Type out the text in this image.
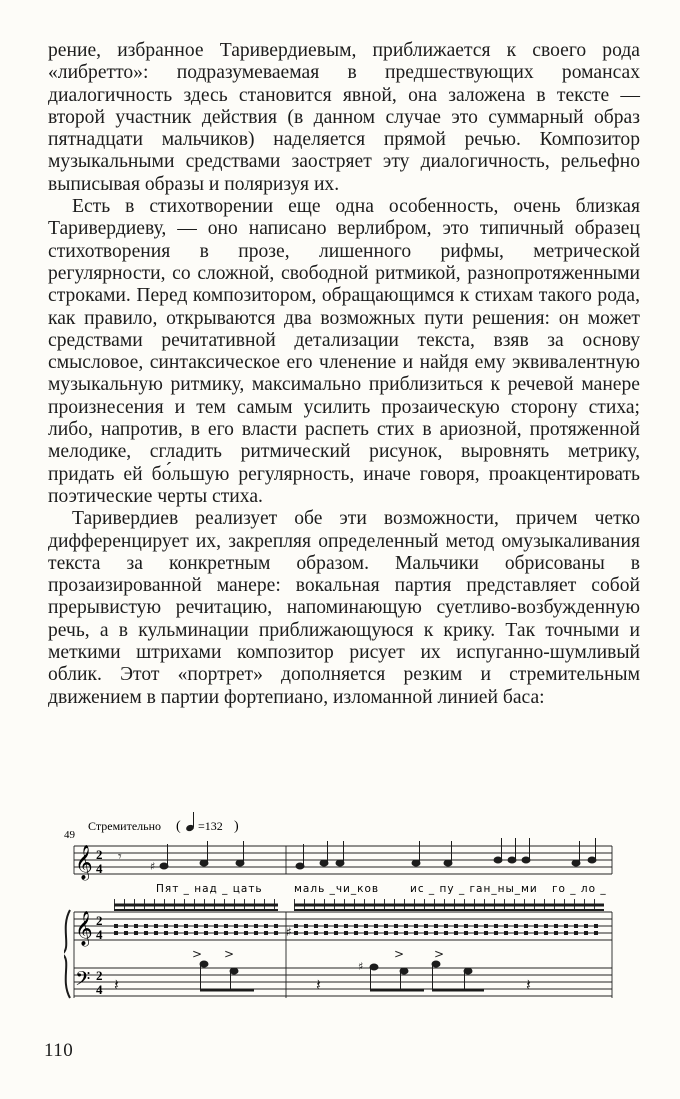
рение, избранное Таривердиевым, приближается к своего рода «либретто»: подразумеваемая в предшествующих романсах диалогичность здесь становится явной, она заложена в тексте — второй участник действия (в данном случае это суммарный образ пятнадцати мальчиков) наделяется прямой речью. Композитор музыкальными средствами заостряет эту диалогичность, рельефно выписывая образы и поляризуя их.

Есть в стихотворении еще одна особенность, очень близкая Таривердиеву, — оно написано верлибром, это типичный образец стихотворения в прозе, лишенного рифмы, метрической регулярности, со сложной, свободной ритмикой, разнопротяженными строками. Перед композитором, обращающимся к стихам такого рода, как правило, открываются два возможных пути решения: он может средствами речитативной детализации текста, взяв за основу смысловое, синтаксическое его членение и найдя ему эквивалентную музыкальную ритмику, максимально приблизиться к речевой манере произнесения и тем самым усилить прозаическую сторону стиха; либо, напротив, в его власти распеть стих в ариозной, протяженной мелодике, сгладить ритмический рисунок, выровнять метрику, придать ей бо́льшую регулярность, иначе говоря, проакцентировать поэтические черты стиха.

Таривердиев реализует обе эти возможности, причем четко дифференцирует их, закрепляя определенный метод омузыкаливания текста за конкретным образом. Мальчики обрисованы в прозаизированной манере: вокальная партия представляет собой прерывистую речитацию, напоминающую суетливо-возбужденную речь, а в кульминации приближающуюся к крику. Так точными и меткими штрихами композитор рисует их испуганно-шумливый облик. Этот «портрет» дополняется резким и стремительным движением в партии фортепиано, изломанной линией баса:

49
Стремительно ( =132 )
𝄞 2
4
𝄾
♯
Пят _ над _ цать	маль _чи_ков	ис _ пу _ ган_ны_ми го _ ло _
𝄞 2
4	♯
𝄢 2
4 𝄽
> >
𝄽
♯
> >
𝄽
110
